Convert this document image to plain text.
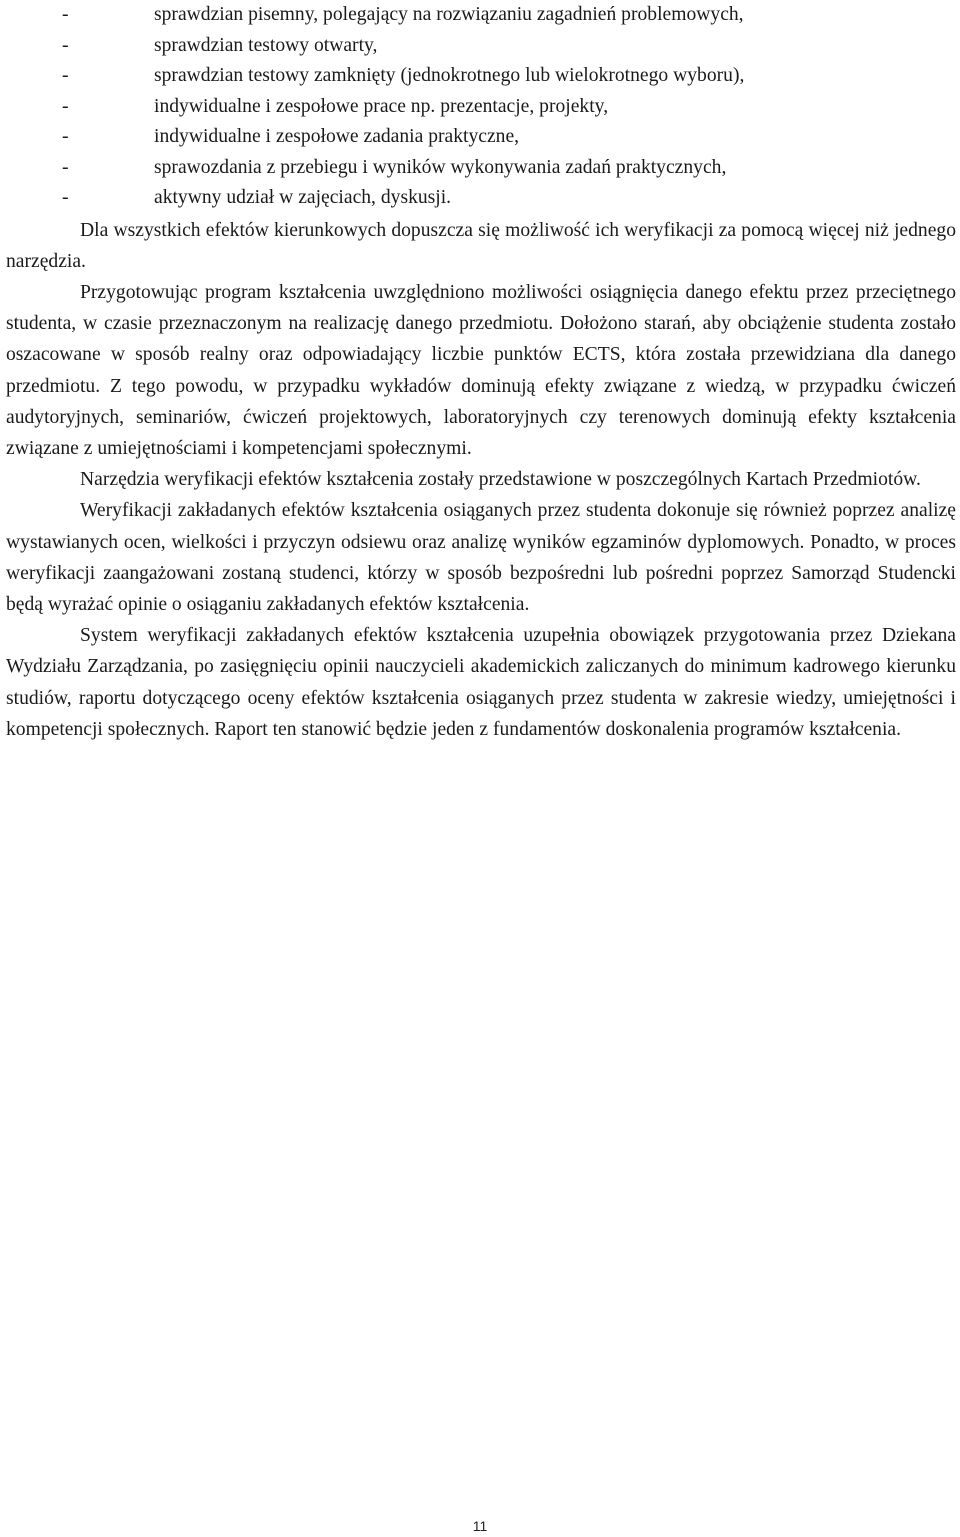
-	sprawdzian pisemny, polegający na rozwiązaniu zagadnień problemowych,
-	sprawdzian testowy otwarty,
-	sprawdzian testowy zamknięty (jednokrotnego lub wielokrotnego wyboru),
-	indywidualne i zespołowe prace np. prezentacje, projekty,
-	indywidualne i zespołowe zadania praktyczne,
-	sprawozdania z przebiegu i wyników wykonywania zadań praktycznych,
-	aktywny udział w zajęciach, dyskusji.

Dla wszystkich efektów kierunkowych dopuszcza się możliwość ich weryfikacji za pomocą więcej niż jednego narzędzia.

Przygotowując program kształcenia uwzględniono możliwości osiągnięcia danego efektu przez przeciętnego studenta, w czasie przeznaczonym na realizację danego przedmiotu. Dołożono starań, aby obciążenie studenta zostało oszacowane w sposób realny oraz odpowiadający liczbie punktów ECTS, która została przewidziana dla danego przedmiotu. Z tego powodu, w przypadku wykładów dominują efekty związane z wiedzą, w przypadku ćwiczeń audytoryjnych, seminariów, ćwiczeń projektowych, laboratoryjnych czy terenowych dominują efekty kształcenia związane z umiejętnościami i kompetencjami społecznymi.

Narzędzia weryfikacji efektów kształcenia zostały przedstawione w poszczególnych Kartach Przedmiotów.

Weryfikacji zakładanych efektów kształcenia osiąganych przez studenta dokonuje się również poprzez analizę wystawianych ocen, wielkości i przyczyn odsiewu oraz analizę wyników egzaminów dyplomowych. Ponadto, w proces weryfikacji zaangażowani zostaną studenci, którzy w sposób bezpośredni lub pośredni poprzez Samorząd Studencki będą wyrażać opinie o osiąganiu zakładanych efektów kształcenia.

System weryfikacji zakładanych efektów kształcenia uzupełnia obowiązek przygotowania przez Dziekana Wydziału Zarządzania, po zasięgnięciu opinii nauczycieli akademickich zaliczanych do minimum kadrowego kierunku studiów, raportu dotyczącego oceny efektów kształcenia osiąganych przez studenta w zakresie wiedzy, umiejętności i kompetencji społecznych. Raport ten stanowić będzie jeden z fundamentów doskonalenia programów kształcenia.

11
